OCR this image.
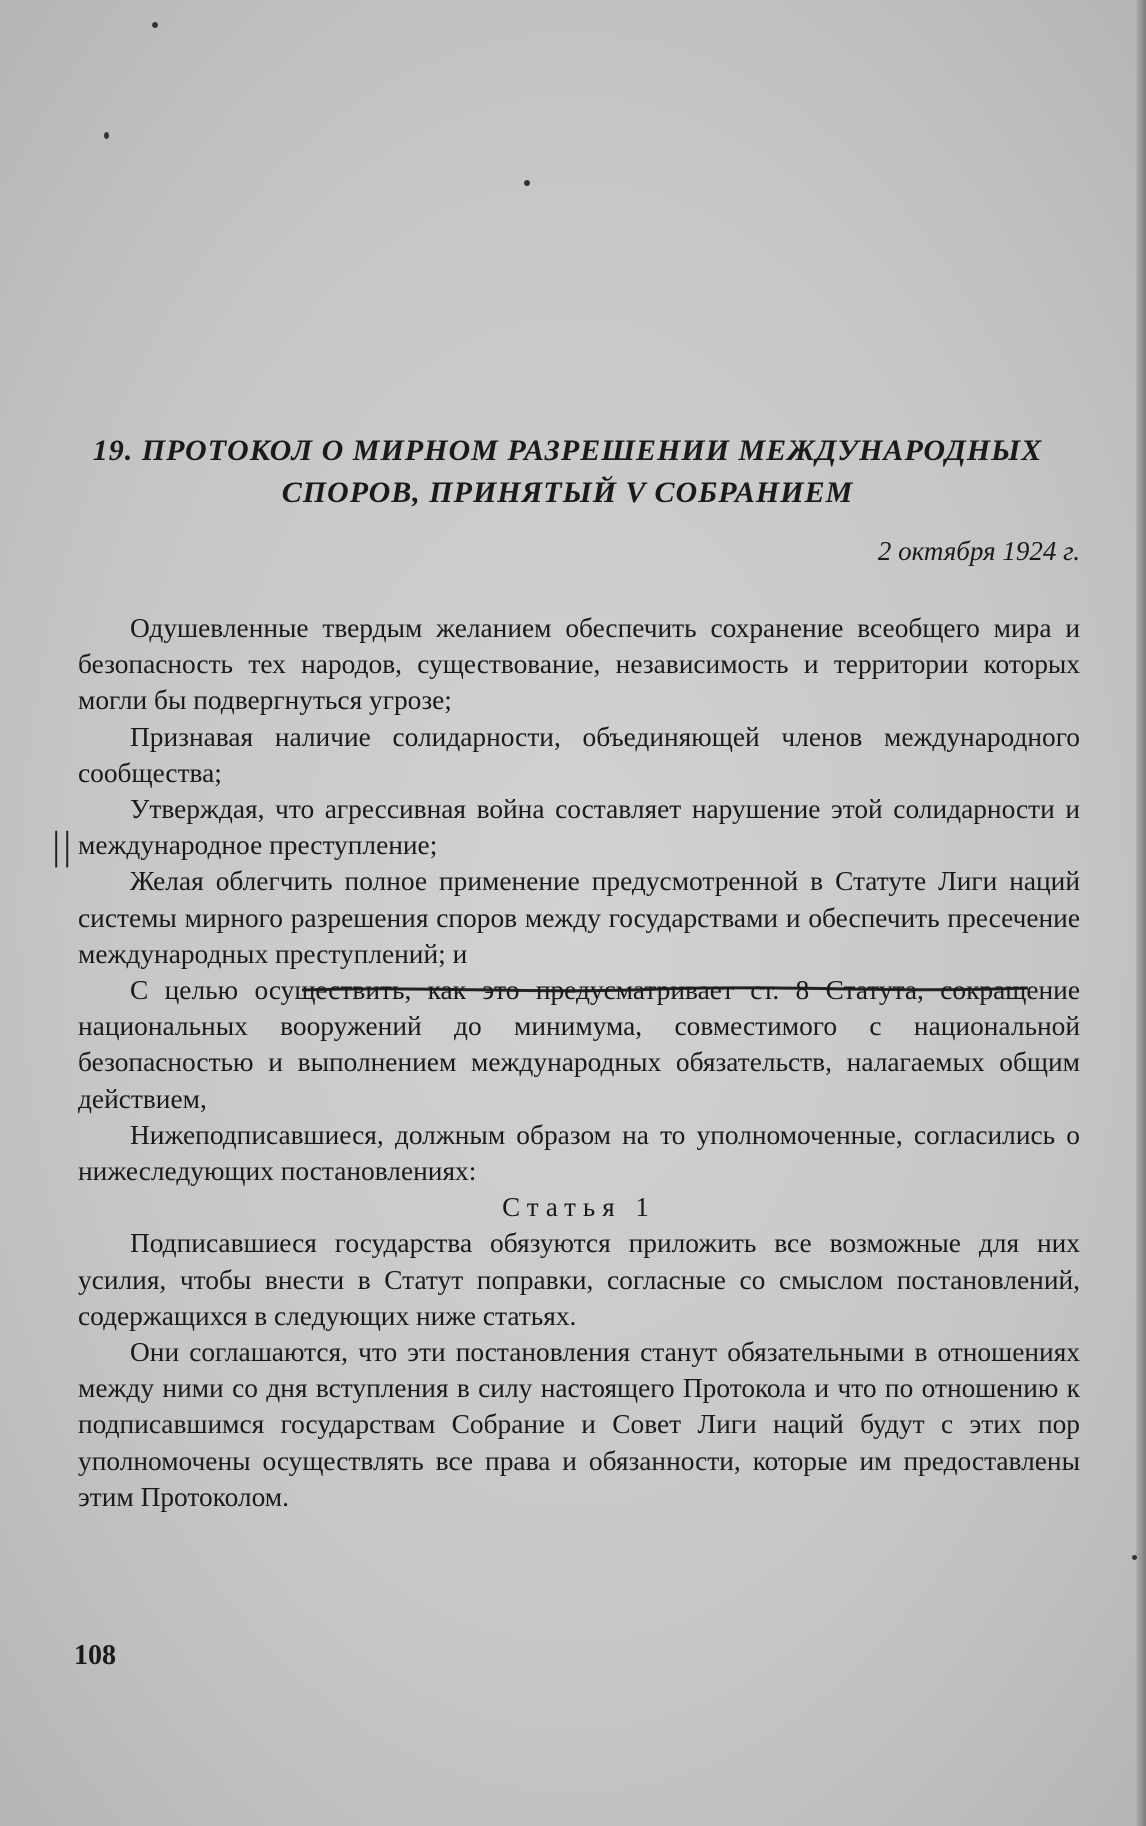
19. ПРОТОКОЛ О МИРНОМ РАЗРЕШЕНИИ МЕЖДУНАРОДНЫХ
СПОРОВ, ПРИНЯТЫЙ V СОБРАНИЕМ
2 октября 1924 г.
||

Одушевленные твердым желанием обеспечить сохранение всеобщего мира и безопасность тех народов, существование, независимость и территории которых могли бы подвергнуться угрозе;

Признавая наличие солидарности, объединяющей членов международного сообщества;

Утверждая, что агрессивная война составляет нарушение этой солидарности и международное преступление;

Желая облегчить полное применение предусмотренной в Статуте Лиги наций системы мирного разрешения споров между государствами и обеспечить пресечение международных преступлений; и

С целью осуществить, как это предусматривает ст. 8 Статута, сокращение национальных вооружений до минимума, совместимого с национальной безопасностью и выполнением международных обязательств, налагаемых общим действием,

Нижеподписавшиеся, должным образом на то уполномоченные, согласились о нижеследующих постановлениях:

Статья 1

Подписавшиеся государства обязуются приложить все возможные для них усилия, чтобы внести в Статут поправки, согласные со смыслом постановлений, содержащихся в следующих ниже статьях.

Они соглашаются, что эти постановления станут обязательными в отношениях между ними со дня вступления в силу настоящего Протокола и что по отношению к подписавшимся государствам Собрание и Совет Лиги наций будут с этих пор уполномочены осуществлять все права и обязанности, которые им предоставлены этим Протоколом.

108
